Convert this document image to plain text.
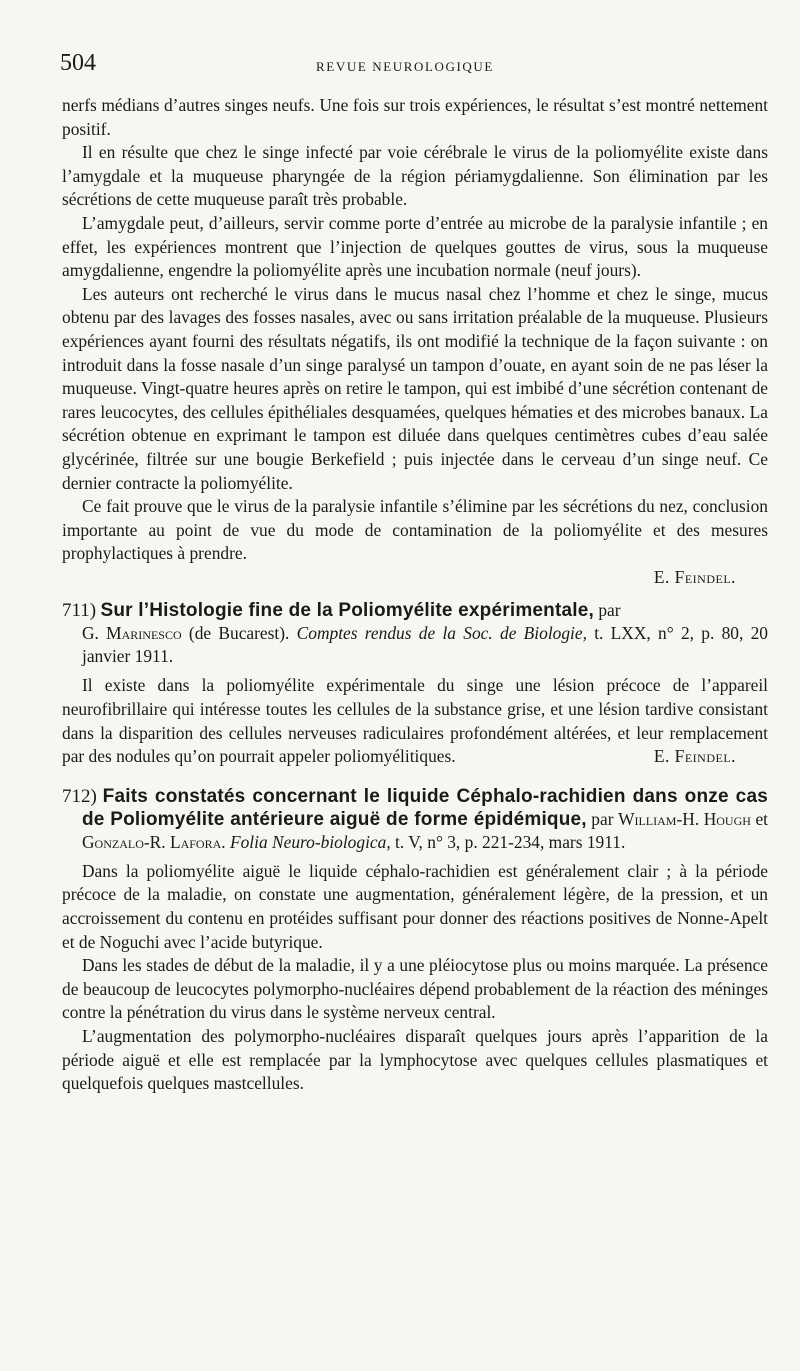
504	REVUE NEUROLOGIQUE

nerfs médians d’autres singes neufs. Une fois sur trois expériences, le résultat s’est montré nettement positif.

Il en résulte que chez le singe infecté par voie cérébrale le virus de la poliomyélite existe dans l’amygdale et la muqueuse pharyngée de la région périamygdalienne. Son élimination par les sécrétions de cette muqueuse paraît très probable.

L’amygdale peut, d’ailleurs, servir comme porte d’entrée au microbe de la paralysie infantile ; en effet, les expériences montrent que l’injection de quelques gouttes de virus, sous la muqueuse amygdalienne, engendre la poliomyélite après une incubation normale (neuf jours).

Les auteurs ont recherché le virus dans le mucus nasal chez l’homme et chez le singe, mucus obtenu par des lavages des fosses nasales, avec ou sans irritation préalable de la muqueuse. Plusieurs expériences ayant fourni des résultats négatifs, ils ont modifié la technique de la façon suivante : on introduit dans la fosse nasale d’un singe paralysé un tampon d’ouate, en ayant soin de ne pas léser la muqueuse. Vingt-quatre heures après on retire le tampon, qui est imbibé d’une sécrétion contenant de rares leucocytes, des cellules épithéliales desquamées, quelques hématies et des microbes banaux. La sécrétion obtenue en exprimant le tampon est diluée dans quelques centimètres cubes d’eau salée glycérinée, filtrée sur une bougie Berkefield ; puis injectée dans le cerveau d’un singe neuf. Ce dernier contracte la poliomyélite.

Ce fait prouve que le virus de la paralysie infantile s’élimine par les sécrétions du nez, conclusion importante au point de vue du mode de contamination de la poliomyélite et des mesures prophylactiques à prendre.

E. Feindel.

711) Sur l’Histologie fine de la Poliomyélite expérimentale, par
G. Marinesco (de Bucarest). Comptes rendus de la Soc. de Biologie, t. LXX, n° 2, p. 80, 20 janvier 1911.

Il existe dans la poliomyélite expérimentale du singe une lésion précoce de l’appareil neurofibrillaire qui intéresse toutes les cellules de la substance grise, et une lésion tardive consistant dans la disparition des cellules nerveuses radiculaires profondément altérées, et leur remplacement par des nodules qu’on pourrait appeler poliomyélitiques.	E. Feindel.

712) Faits constatés concernant le liquide Céphalo-rachidien dans onze cas de Poliomyélite antérieure aiguë de forme épidémique, par William-H. Hough et Gonzalo-R. Lafora. Folia Neuro-biologica, t. V, n° 3, p. 221-234, mars 1911.

Dans la poliomyélite aiguë le liquide céphalo-rachidien est généralement clair ; à la période précoce de la maladie, on constate une augmentation, généralement légère, de la pression, et un accroissement du contenu en protéides suffisant pour donner des réactions positives de Nonne-Apelt et de Noguchi avec l’acide butyrique.

Dans les stades de début de la maladie, il y a une pléiocytose plus ou moins marquée. La présence de beaucoup de leucocytes polymorpho-nucléaires dépend probablement de la réaction des méninges contre la pénétration du virus dans le système nerveux central.

L’augmentation des polymorpho-nucléaires disparaît quelques jours après l’apparition de la période aiguë et elle est remplacée par la lymphocytose avec quelques cellules plasmatiques et quelquefois quelques mastcellules.
